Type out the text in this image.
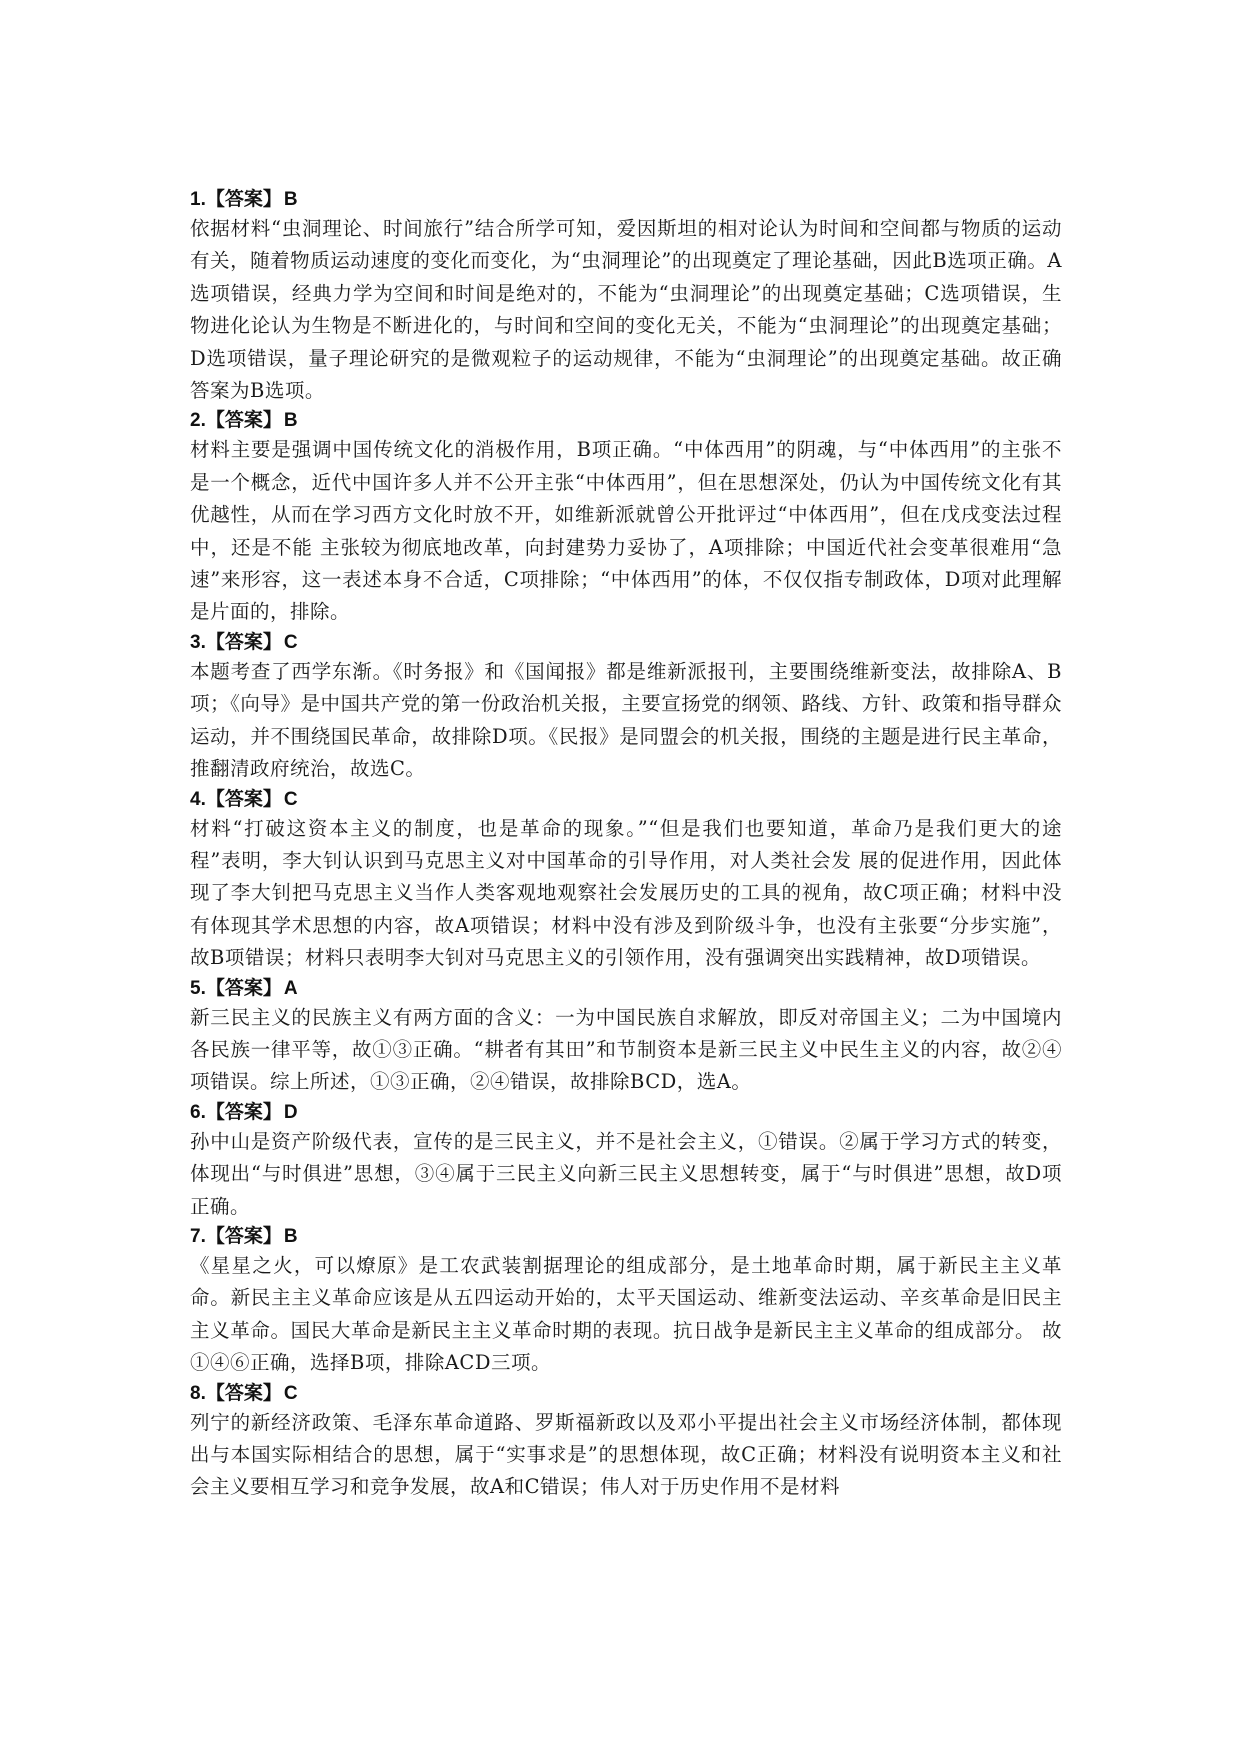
1.【答案】 B

依据材料“虫洞理论、时间旅行”结合所学可知，爱因斯坦的相对论认为时间和空间都与物质的运动有关，随着物质运动速度的变化而变化，为“虫洞理论”的出现奠定了理论基础，因此B选项正确。A选项错误，经典力学为空间和时间是绝对的，不能为“虫洞理论”的出现奠定基础；C选项错误，生物进化论认为生物是不断进化的，与时间和空间的变化无关，不能为“虫洞理论”的出现奠定基础；D选项错误，量子理论研究的是微观粒子的运动规律，不能为“虫洞理论”的出现奠定基础。故正确答案为B选项。

2.【答案】 B

材料主要是强调中国传统文化的消极作用，B项正确。“中体西用”的阴魂，与“中体西用”的主张不是一个概念，近代中国许多人并不公开主张“中体西用”，但在思想深处，仍认为中国传统文化有其优越性，从而在学习西方文化时放不开，如维新派就曾公开批评过“中体西用”，但在戊戌变法过程中，还是不能 主张较为彻底地改革，向封建势力妥协了，A项排除；中国近代社会变革很难用“急速”来形容，这一表述本身不合适，C项排除；“中体西用”的体，不仅仅指专制政体，D项对此理解是片面的，排除。

3.【答案】 C

本题考查了西学东渐。《时务报》和《国闻报》都是维新派报刊，主要围绕维新变法，故排除A、B项；《向导》是中国共产党的第一份政治机关报，主要宣扬党的纲领、路线、方针、政策和指导群众运动，并不围绕国民革命，故排除D项。《民报》是同盟会的机关报，围绕的主题是进行民主革命，推翻清政府统治，故选C。

4.【答案】 C

材料“打破这资本主义的制度，也是革命的现象。”“但是我们也要知道，革命乃是我们更大的途程”表明，李大钊认识到马克思主义对中国革命的引导作用，对人类社会发 展的促进作用，因此体现了李大钊把马克思主义当作人类客观地观察社会发展历史的工具的视角，故C项正确；材料中没有体现其学术思想的内容，故A项错误；材料中没有涉及到阶级斗争，也没有主张要“分步实施”，故B项错误；材料只表明李大钊对马克思主义的引领作用，没有强调突出实践精神，故D项错误。

5.【答案】 A

新三民主义的民族主义有两方面的含义：一为中国民族自求解放，即反对帝国主义；二为中国境内各民族一律平等，故①③正确。“耕者有其田”和节制资本是新三民主义中民生主义的内容，故②④项错误。综上所述，①③正确，②④错误，故排除BCD，选A。

6.【答案】 D

孙中山是资产阶级代表，宣传的是三民主义，并不是社会主义，①错误。②属于学习方式的转变，体现出“与时俱进”思想，③④属于三民主义向新三民主义思想转变，属于“与时俱进”思想，故D项正确。

7.【答案】 B

《星星之火，可以燎原》是工农武装割据理论的组成部分，是土地革命时期，属于新民主主义革命。新民主主义革命应该是从五四运动开始的，太平天国运动、维新变法运动、辛亥革命是旧民主主义革命。国民大革命是新民主主义革命时期的表现。抗日战争是新民主主义革命的组成部分。 故①④⑥正确，选择B项，排除ACD三项。

8.【答案】 C

列宁的新经济政策、毛泽东革命道路、罗斯福新政以及邓小平提出社会主义市场经济体制，都体现出与本国实际相结合的思想，属于“实事求是”的思想体现，故C正确；材料没有说明资本主义和社会主义要相互学习和竞争发展，故A和C错误；伟人对于历史作用不是材料
